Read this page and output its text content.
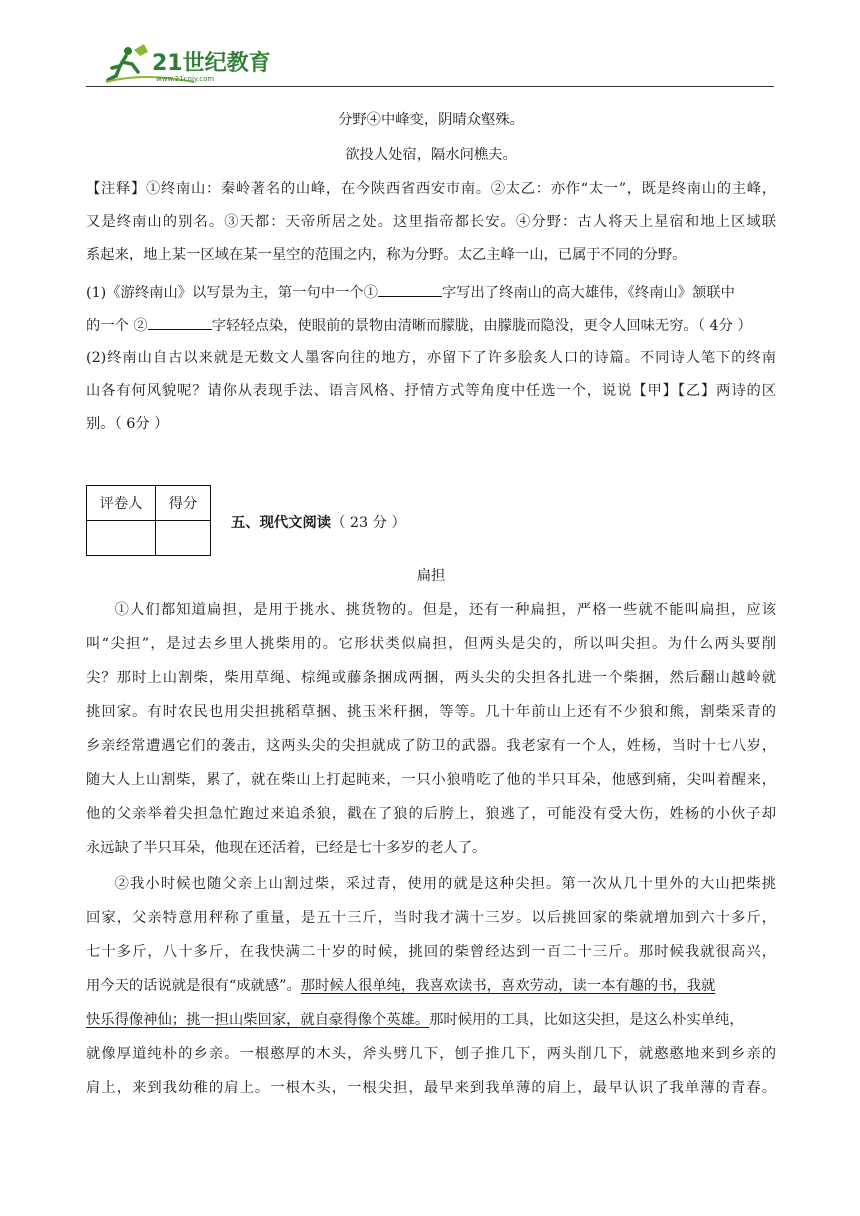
21世纪教育
www.21cnjy.com
分野④中峰变，阴晴众壑殊。
欲投人处宿，隔水问樵夫。
【注释】①终南山：秦岭著名的山峰，在今陕西省西安市南。②太乙：亦作“太一”，既是终南山的主峰，
又是终南山的别名。③天都：天帝所居之处。这里指帝都长安。④分野：古人将天上星宿和地上区域联
系起来，地上某一区域在某一星空的范围之内，称为分野。太乙主峰一山，已属于不同的分野。
(1)《游终南山》以写景为主，第一句中一个①	字写出了终南山的高大雄伟，《终南山》颔联中
的一个 ②	字轻轻点染，使眼前的景物由清晰而朦胧，由朦胧而隐没，更令人回味无穷。（ 4分 ）
(2)终南山自古以来就是无数文人墨客向往的地方，亦留下了许多脍炙人口的诗篇。不同诗人笔下的终南
山各有何风貌呢？请你从表现手法、语言风格、抒情方式等角度中任选一个，说说【甲】【乙】两诗的区
别。（ 6分 ）
评卷人	得分

五、现代文阅读（ 23 分 ）
扁担
①人们都知道扁担，是用于挑水、挑货物的。但是，还有一种扁担，严格一些就不能叫扁担，应该
叫“尖担”，是过去乡里人挑柴用的。它形状类似扁担，但两头是尖的，所以叫尖担。为什么两头要削
尖？那时上山割柴，柴用草绳、棕绳或藤条捆成两捆，两头尖的尖担各扎进一个柴捆，然后翻山越岭就
挑回家。有时农民也用尖担挑稻草捆、挑玉米秆捆，等等。几十年前山上还有不少狼和熊，割柴采青的
乡亲经常遭遇它们的袭击，这两头尖的尖担就成了防卫的武器。我老家有一个人，姓杨，当时十七八岁，
随大人上山割柴，累了，就在柴山上打起盹来，一只小狼啃吃了他的半只耳朵，他感到痛，尖叫着醒来，
他的父亲举着尖担急忙跑过来追杀狼，戳在了狼的后胯上，狼逃了，可能没有受大伤，姓杨的小伙子却
永远缺了半只耳朵，他现在还活着，已经是七十多岁的老人了。
②我小时候也随父亲上山割过柴，采过青，使用的就是这种尖担。第一次从几十里外的大山把柴挑
回家，父亲特意用秤称了重量，是五十三斤，当时我才满十三岁。以后挑回家的柴就增加到六十多斤，
七十多斤，八十多斤，在我快满二十岁的时候，挑回的柴曾经达到一百二十三斤。那时候我就很高兴，
用今天的话说就是很有“成就感”。那时候人很单纯，我喜欢读书，喜欢劳动，读一本有趣的书，我就
快乐得像神仙；挑一担山柴回家，就自豪得像个英雄。那时候用的工具，比如这尖担，是这么朴实单纯，
就像厚道纯朴的乡亲。一根憨厚的木头，斧头劈几下，刨子推几下，两头削几下，就憨憨地来到乡亲的
肩上，来到我幼稚的肩上。一根木头，一根尖担，最早来到我单薄的肩上，最早认识了我单薄的青春。
